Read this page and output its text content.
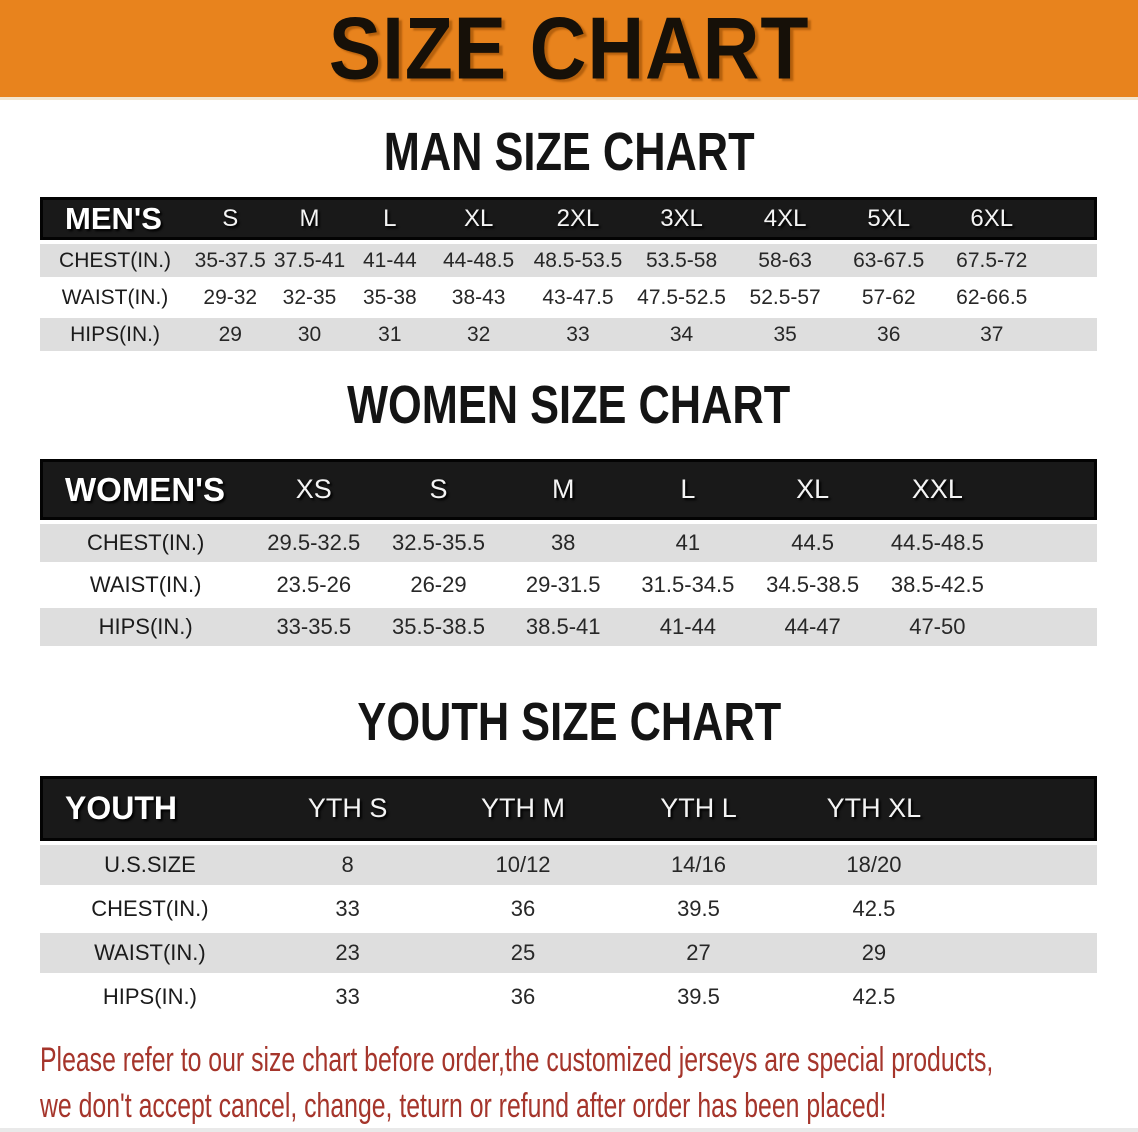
SIZE CHART
MAN SIZE CHART
MEN'S	S	M	L	XL	2XL	3XL	4XL	5XL	6XL	
CHEST(IN.)	35-37.5	37.5-41	41-44	44-48.5	48.5-53.5	53.5-58	58-63	63-67.5	67.5-72	
WAIST(IN.)	29-32	32-35	35-38	38-43	43-47.5	47.5-52.5	52.5-57	57-62	62-66.5	
HIPS(IN.)	29	30	31	32	33	34	35	36	37	
WOMEN SIZE CHART
WOMEN'S	XS	S	M	L	XL	XXL	
CHEST(IN.)	29.5-32.5	32.5-35.5	38	41	44.5	44.5-48.5	
WAIST(IN.)	23.5-26	26-29	29-31.5	31.5-34.5	34.5-38.5	38.5-42.5	
HIPS(IN.)	33-35.5	35.5-38.5	38.5-41	41-44	44-47	47-50	
YOUTH SIZE CHART
YOUTH	YTH S	YTH M	YTH L	YTH XL	
U.S.SIZE	8	10/12	14/16	18/20	
CHEST(IN.)	33	36	39.5	42.5	
WAIST(IN.)	23	25	27	29	
HIPS(IN.)	33	36	39.5	42.5	
Please refer to our size chart before order,the customized jerseys are special products,
we don't accept cancel, change, teturn or refund after order has been placed!
